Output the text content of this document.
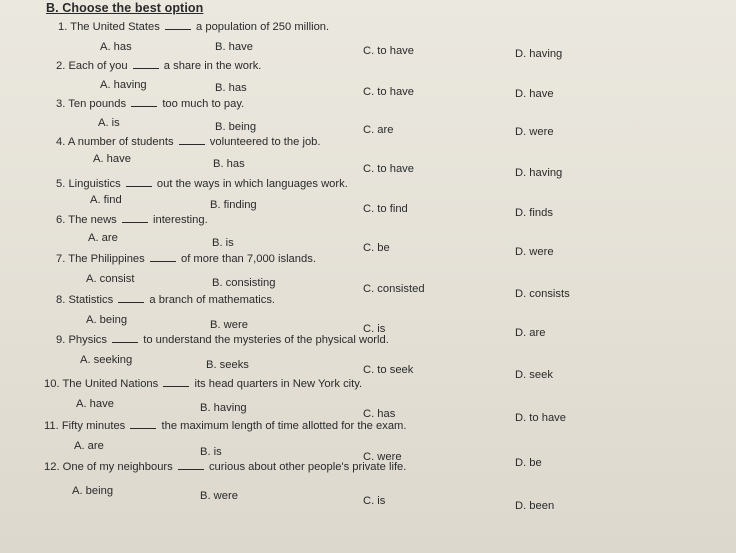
B. Choose the best option
1. The United States	a population of 250 million.
A. has	B. have	C. to have	D. having
2. Each of you	a share in the work.
A. having	B. has	C. to have	D. have
3. Ten pounds	too much to pay.
A. is	B. being	C. are	D. were
4. A number of students	volunteered to the job.
A. have	B. has	C. to have	D. having
5. Linguistics	out the ways in which languages work.
A. find	B. finding	C. to find	D. finds
6. The news	interesting.
A. are	B. is	C. be	D. were
7. The Philippines	of more than 7,000 islands.
A. consist	B. consisting	C. consisted	D. consists
8. Statistics	a branch of mathematics.
A. being	B. were	C. is	D. are
9. Physics	to understand the mysteries of the physical world.
A. seeking	B. seeks	C. to seek	D. seek
10. The United Nations	its head quarters in New York city.
A. have	B. having	C. has	D. to have
11. Fifty minutes	the maximum length of time allotted for the exam.
A. are	B. is	C. were	D. be
12. One of my neighbours	curious about other people's private life.
A. being	B. were	C. is	D. been
